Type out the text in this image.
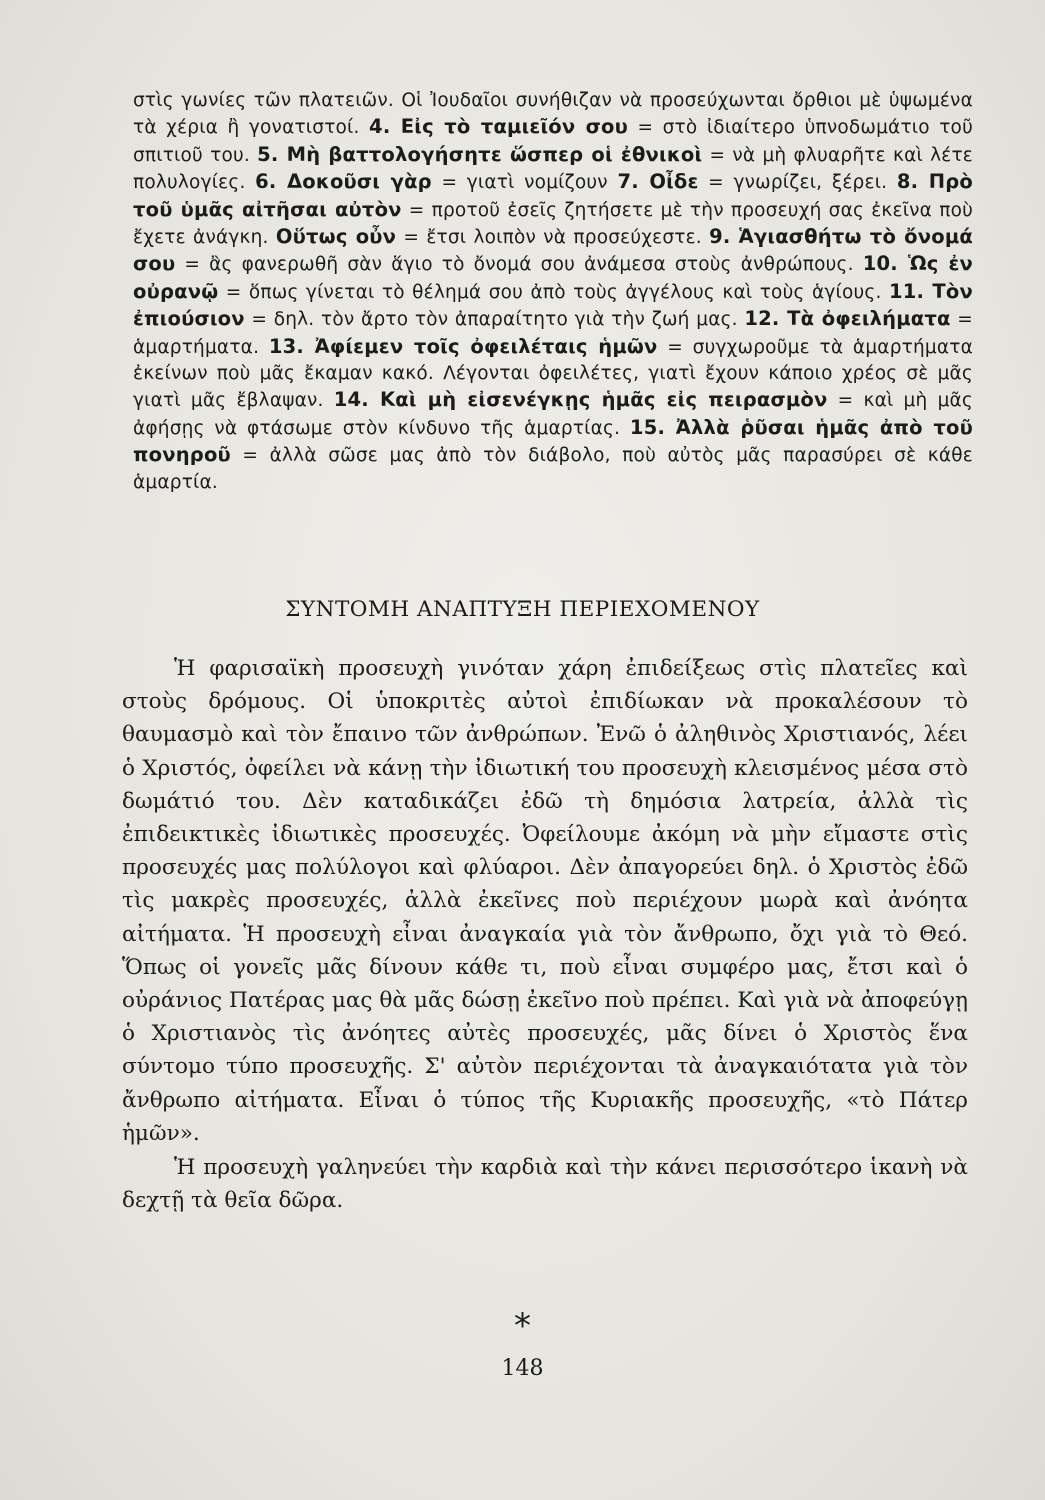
στὶς γωνίες τῶν πλατειῶν. Οἱ Ἰουδαῖοι συνήθιζαν νὰ προσεύχωνται ὄρθιοι μὲ ὑψωμένα τὰ χέρια ἢ γονατιστοί. 4. Εἰς τὸ ταμιεῖόν σου = στὸ ἰδιαίτερο ὑπνοδωμάτιο τοῦ σπιτιοῦ του. 5. Μὴ βαττολογήσητε ὥσπερ οἱ ἐθνικοὶ = νὰ μὴ φλυαρῆτε καὶ λέτε πολυλογίες. 6. Δοκοῦσι γὰρ = γιατὶ νομίζουν 7. Οἶδε = γνωρίζει, ξέρει. 8. Πρὸ τοῦ ὑμᾶς αἰτῆσαι αὐτὸν = προτοῦ ἐσεῖς ζητήσετε μὲ τὴν προσευχή σας ἐκεῖνα ποὺ ἔχετε ἀνάγκη. Οὕτως οὖν = ἔτσι λοιπὸν νὰ προσεύχεστε. 9. Ἁγιασθήτω τὸ ὄνομά σου = ἂς φανερωθῆ σὰν ἅγιο τὸ ὄνομά σου ἀνάμεσα στοὺς ἀνθρώπους. 10. Ὡς ἐν οὐρανῷ = ὅπως γίνεται τὸ θέλημά σου ἀπὸ τοὺς ἀγγέλους καὶ τοὺς ἁγίους. 11. Τὸν ἐπιούσιον = δηλ. τὸν ἄρτο τὸν ἀπαραίτητο γιὰ τὴν ζωή μας. 12. Τὰ ὀφειλήματα = ἁμαρτήματα. 13. Ἀφίεμεν τοῖς ὀφειλέταις ἡμῶν = συγχωροῦμε τὰ ἁμαρτήματα ἐκείνων ποὺ μᾶς ἔκαμαν κακό. Λέγονται ὀφειλέτες, γιατὶ ἔχουν κάποιο χρέος σὲ μᾶς γιατὶ μᾶς ἔβλαψαν. 14. Καὶ μὴ εἰσενέγκῃς ἡμᾶς εἰς πειρασμὸν = καὶ μὴ μᾶς ἀφήσῃς νὰ φτάσωμε στὸν κίνδυνο τῆς ἁμαρτίας. 15. Ἀλλὰ ῥῦσαι ἡμᾶς ἀπὸ τοῦ πονηροῦ = ἀλλὰ σῶσε μας ἀπὸ τὸν διάβολο, ποὺ αὐτὸς μᾶς παρασύρει σὲ κάθε ἁμαρτία.
ΣΥΝΤΟΜΗ ΑΝΑΠΤΥΞΗ ΠΕΡΙΕΧΟΜΕΝΟΥ

Ἡ φαρισαϊκὴ προσευχὴ γινόταν χάρη ἐπιδείξεως στὶς πλατεῖες καὶ στοὺς δρόμους. Οἱ ὑποκριτὲς αὐτοὶ ἐπιδίωκαν νὰ προκαλέσουν τὸ θαυμασμὸ καὶ τὸν ἔπαινο τῶν ἀνθρώπων. Ἐνῶ ὁ ἀληθινὸς Χριστιανός, λέει ὁ Χριστός, ὀφείλει νὰ κάνῃ τὴν ἰδιωτική του προσευχὴ κλεισμένος μέσα στὸ δωμάτιό του. Δὲν καταδικάζει ἐδῶ τὴ δημόσια λατρεία, ἀλλὰ τὶς ἐπιδεικτικὲς ἰδιωτικὲς προσευχές. Ὀφείλουμε ἀκόμη νὰ μὴν εἴμαστε στὶς προσευχές μας πολύλογοι καὶ φλύαροι. Δὲν ἀπαγορεύει δηλ. ὁ Χριστὸς ἐδῶ τὶς μακρὲς προσευχές, ἀλλὰ ἐκεῖνες ποὺ περιέχουν μωρὰ καὶ ἀνόητα αἰτήματα. Ἡ προσευχὴ εἶναι ἀναγκαία γιὰ τὸν ἄνθρωπο, ὄχι γιὰ τὸ Θεό. Ὅπως οἱ γονεῖς μᾶς δίνουν κάθε τι, ποὺ εἶναι συμφέρο μας, ἔτσι καὶ ὁ οὐράνιος Πατέρας μας θὰ μᾶς δώσῃ ἐκεῖνο ποὺ πρέπει. Καὶ γιὰ νὰ ἀποφεύγῃ ὁ Χριστιανὸς τὶς ἀνόητες αὐτὲς προσευχές, μᾶς δίνει ὁ Χριστὸς ἕνα σύντομο τύπο προσευχῆς. Σ' αὐτὸν περιέχονται τὰ ἀναγκαιότατα γιὰ τὸν ἄνθρωπο αἰτήματα. Εἶναι ὁ τύπος τῆς Κυριακῆς προσευχῆς, «τὸ Πάτερ ἡμῶν».

Ἡ προσευχὴ γαληνεύει τὴν καρδιὰ καὶ τὴν κάνει περισσότερο ἱκανὴ νὰ δεχτῇ τὰ θεῖα δῶρα.

*
148
